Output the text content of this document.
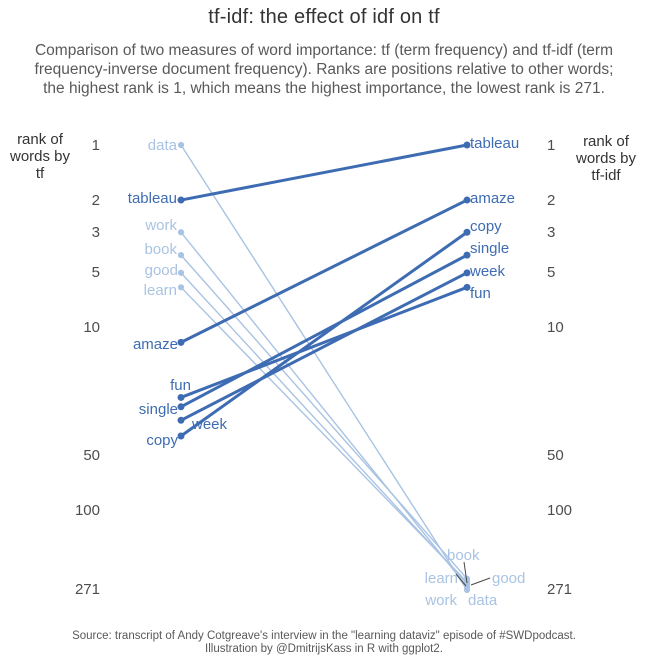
tf-idf: the effect of idf on tf
Comparison of two measures of word importance: tf (term frequency) and tf-idf (term
frequency-inverse document frequency). Ranks are positions relative to other words;
the highest rank is 1, which means the highest importance, the lowest rank is 271.
rank of
words by
tf
rank of
words by
tf-idf
data
data
tableau
tableau
work
work
book
book
good
good
learn
learn
amaze
amaze
fun
fun
single
single
week
week
copy
copy
Source: transcript of Andy Cotgreave's interview in the "learning dataviz" episode of #SWDpodcast.
Illustration by @DmitrijsKass in R with ggplot2.
1
2
3
5
10
50
100
271
1
2
3
5
10
50
100
271
